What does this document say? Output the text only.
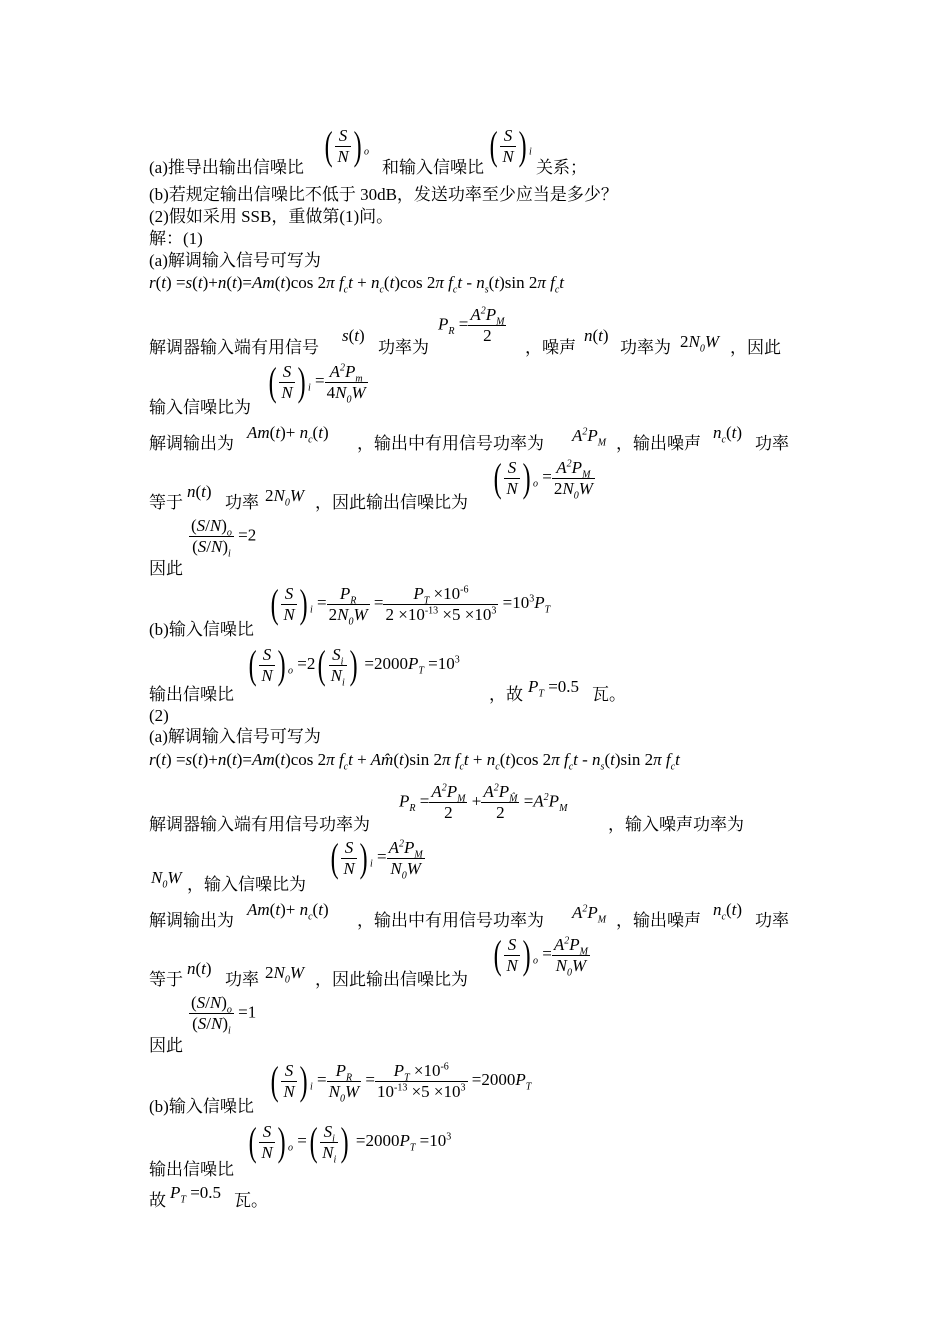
(a)推导出输出信噪比 ( $\frac{S}{N}$ ) $_o$
和输入信噪比 ( $\frac{S}{N}$ ) $_i$
关系；
(b)若规定输出信噪比不低于 30dB，发送功率至少应当是多少？
(2)假如采用 SSB，重做第(1)问。
解：(1)
(a)解调输入信号可写为
r(t) =s(t)+n(t)=Am(t)cos 2π $f_ct + n_c(t)\cos$ 2π $f_ct - n_s(t)\sin$ 2π $f_ct$
解调器输入端有用信号
s(t)
功率为
$P_R = \frac{A^2P_M}{2}$
，噪声
n(t)
功率为 $2N_0W$ ，因此
输入信噪比为
( $\frac{S}{N}$ ) $_i = \frac{A^2P_m}{4N_0W}$
解调输出为
$Am(t)+ n_c(t)$
，输出中有用信号功率为 $A^2P_M$ ，输出噪声
$n_c(t)$
功率
等于
n(t)
功率 $2N_0W$ ，因此输出信噪比为
( $\frac{S}{N}$ ) $_o = \frac{A^2P_M}{2N_0W}$
因此
$\frac{(S/N)_o}{(S/N)_i} =2$
(b)输入信噪比
( $\frac{S}{N}$ ) $_i = \frac{P_R}{2N_0W} = \frac{P_T \times 10^{-6}}{2 \times 10^{-13} \times 5 \times 10^3} =10^3P_T$
输出信噪比
( $\frac{S}{N}$ ) $_o =2( \frac{S_i}{N_i}$ ) $=2000P_T =10^3$
，故 $P_T =0.5$ 瓦。
(2)
(a)解调输入信号可写为
r(t) =s(t)+n(t)=Am(t)cos 2π $f_ct$ + Am̂(t)sin 2π $f_ct + n_c(t)\cos$ 2π $f_ct - n_s(t)\sin$ 2π $f_ct$
解调器输入端有用信号功率为
$P_R = \frac{A^2P_M}{2} + \frac{A^2P_{M̂}}{2} =A^2P_M$
，输入噪声功率为
$N_0W$ ，输入信噪比为
( $\frac{S}{N}$ ) $_i = \frac{A^2P_M}{N_0W}$
解调输出为
$Am(t)+ n_c(t)$
，输出中有用信号功率为 $A^2P_M$ ，输出噪声
$n_c(t)$
功率
等于
n(t)
功率 $2N_0W$ ，因此输出信噪比为
( $\frac{S}{N}$ ) $_o = \frac{A^2P_M}{N_0W}$
因此
$\frac{(S/N)_o}{(S/N)_i} =1$
(b)输入信噪比
( $\frac{S}{N}$ ) $_i = \frac{P_R}{N_0W} = \frac{P_T \times 10^{-6}}{10^{-13} \times 5 \times 10^3} =2000P_T$
输出信噪比
( $\frac{S}{N}$ ) $_o$ =( $\frac{S_i}{N_i}$ ) $=2000P_T =10^3$
故 $P_T =0.5$ 瓦。
